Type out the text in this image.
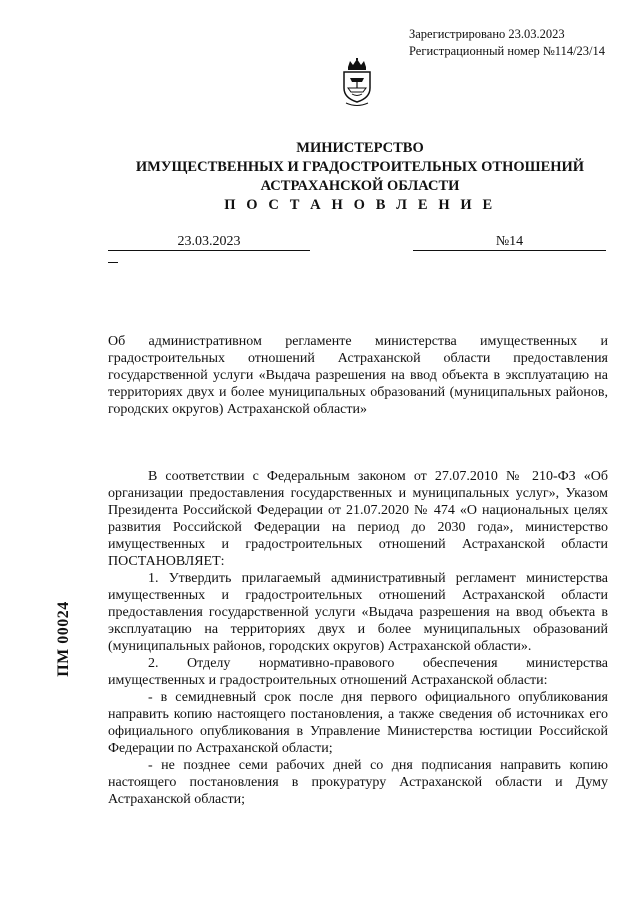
Зарегистрировано 23.03.2023
Регистрационный номер №114/23/14
МИНИСТЕРСТВО
ИМУЩЕСТВЕННЫХ И ГРАДОСТРОИТЕЛЬНЫХ ОТНОШЕНИЙ
АСТРАХАНСКОЙ ОБЛАСТИ
П О С Т А Н О В Л Е Н И Е
23.03.2023	№14
Об административном регламенте министерства имущественных и градостроительных отношений Астраханской области предоставления государственной услуги «Выдача разрешения на ввод объекта в эксплуатацию на территориях двух и более муниципальных образований (муниципальных районов, городских округов) Астраханской области»

В соответствии с Федеральным законом от 27.07.2010 № 210-ФЗ «Об организации предоставления государственных и муниципальных услуг», Указом Президента Российской Федерации от 21.07.2020 № 474 «О национальных целях развития Российской Федерации на период до 2030 года», министерство имущественных и градостроительных отношений Астраханской области ПОСТАНОВЛЯЕТ:

1. Утвердить прилагаемый административный регламент министерства имущественных и градостроительных отношений Астраханской области предоставления государственной услуги «Выдача разрешения на ввод объекта в эксплуатацию на территориях двух и более муниципальных образований (муниципальных районов, городских округов) Астраханской области».

2. Отделу нормативно-правового обеспечения министерства имущественных и градостроительных отношений Астраханской области:

- в семидневный срок после дня первого официального опубликования направить копию настоящего постановления, а также сведения об источниках его официального опубликования в Управление Министерства юстиции Российской Федерации по Астраханской области;

- не позднее семи рабочих дней со дня подписания направить копию настоящего постановления в прокуратуру Астраханской области и Думу Астраханской области;

ПМ 00024
